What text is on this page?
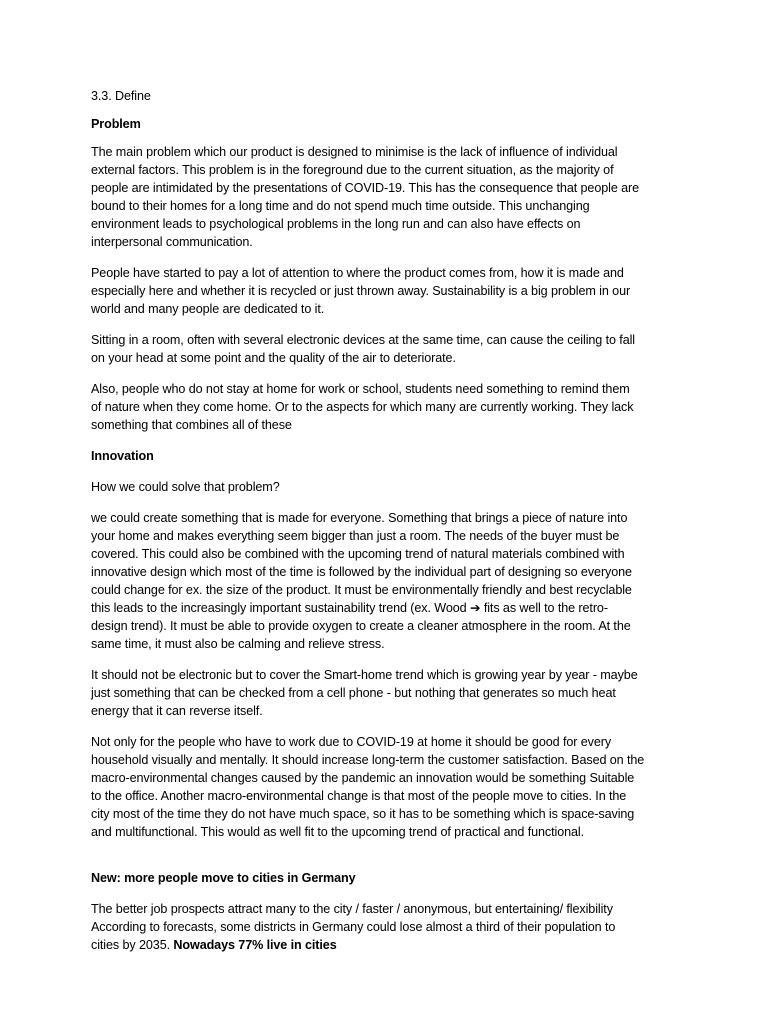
3.3. Define

Problem

The main problem which our product is designed to minimise is the lack of influence of individual

external factors. This problem is in the foreground due to the current situation, as the majority of

people are intimidated by the presentations of COVID-19. This has the consequence that people are

bound to their homes for a long time and do not spend much time outside. This unchanging

environment leads to psychological problems in the long run and can also have effects on

interpersonal communication.

People have started to pay a lot of attention to where the product comes from, how it is made and

especially here and whether it is recycled or just thrown away. Sustainability is a big problem in our

world and many people are dedicated to it.

Sitting in a room, often with several electronic devices at the same time, can cause the ceiling to fall

on your head at some point and the quality of the air to deteriorate.

Also, people who do not stay at home for work or school, students need something to remind them

of nature when they come home. Or to the aspects for which many are currently working. They lack

something that combines all of these

Innovation

How we could solve that problem?

we could create something that is made for everyone. Something that brings a piece of nature into

your home and makes everything seem bigger than just a room. The needs of the buyer must be

covered. This could also be combined with the upcoming trend of natural materials combined with

innovative design which most of the time is followed by the individual part of designing so everyone

could change for ex. the size of the product. It must be environmentally friendly and best recyclable

this leads to the increasingly important sustainability trend (ex. Wood ➔ fits as well to the retro-

design trend). It must be able to provide oxygen to create a cleaner atmosphere in the room. At the

same time, it must also be calming and relieve stress.

It should not be electronic but to cover the Smart-home trend which is growing year by year - maybe

just something that can be checked from a cell phone - but nothing that generates so much heat

energy that it can reverse itself.

Not only for the people who have to work due to COVID-19 at home it should be good for every

household visually and mentally. It should increase long-term the customer satisfaction. Based on the

macro-environmental changes caused by the pandemic an innovation would be something Suitable

to the office. Another macro-environmental change is that most of the people move to cities. In the

city most of the time they do not have much space, so it has to be something which is space-saving

and multifunctional. This would as well fit to the upcoming trend of practical and functional.

New: more people move to cities in Germany

The better job prospects attract many to the city / faster / anonymous, but entertaining/ flexibility

According to forecasts, some districts in Germany could lose almost a third of their population to

cities by 2035. Nowadays 77% live in cities
